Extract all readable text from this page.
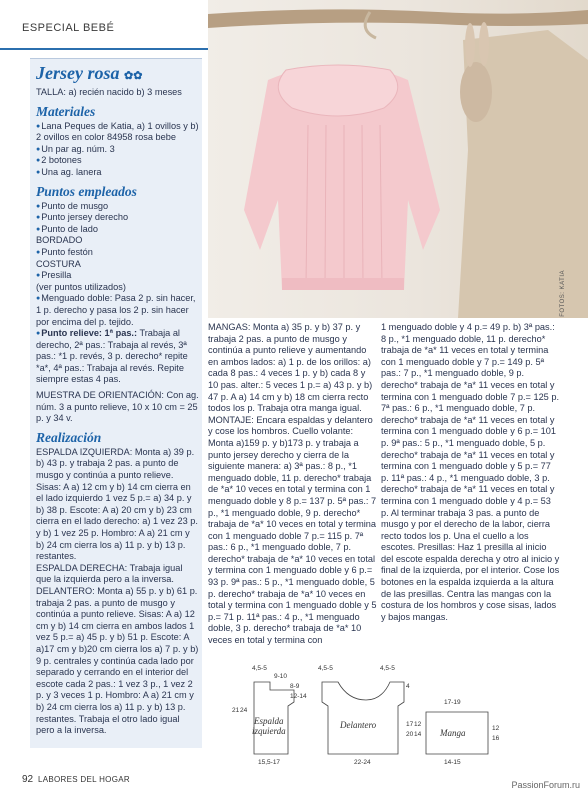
ESPECIAL BEBÉ
FOTOS: KATIA
Jersey rosa ✿✿

TALLA: a) recién nacido b) 3 meses

Materiales

● Lana Peques de Katia, a) 1 ovillos y b) 2 ovillos en color 84958 rosa bebe

● Un par ag. núm. 3

● 2 botones

● Una ag. lanera

Puntos empleados

● Punto de musgo

● Punto jersey derecho

● Punto de lado

BORDADO

● Punto festón

COSTURA

● Presilla

(ver puntos utilizados)

● Menguado doble: Pasa 2 p. sin hacer, 1 p. derecho y pasa los 2 p. sin hacer por encima del p. tejido.

● Punto relieve: 1ª pas.: Trabaja al derecho, 2ª pas.: Trabaja al revés, 3ª pas.: *1 p. revés, 3 p. derecho* repite *a*, 4ª pas.: Trabaja al revés. Repite siempre estas 4 pas.

MUESTRA DE ORIENTACIÓN: Con ag. núm. 3 a punto relieve, 10 x 10 cm = 25 p. y 34 v.

Realización

ESPALDA IZQUIERDA: Monta a) 39 p. b) 43 p. y trabaja 2 pas. a punto de musgo y continúa a punto relieve. Sisas: A a) 12 cm y b) 14 cm cierra en el lado izquierdo 1 vez 5 p.= a) 34 p. y b) 38 p. Escote: A a) 20 cm y b) 23 cm cierra en el lado derecho: a) 1 vez 23 p. y b) 1 vez 25 p. Hombro: A a) 21 cm y b) 24 cm cierra los a) 11 p. y b) 13 p. restantes.

ESPALDA DERECHA: Trabaja igual que la izquierda pero a la inversa.

DELANTERO: Monta a) 55 p. y b) 61 p. trabaja 2 pas. a punto de musgo y continúa a punto relieve. Sisas: A a) 12 cm y b) 14 cm cierra en ambos lados 1 vez 5 p.= a) 45 p. y b) 51 p. Escote: A a)17 cm y b)20 cm cierra los a) 7 p. y b) 9 p. centrales y continúa cada lado por separado y cerrando en el interior del escote cada 2 pas.: 1 vez 3 p., 1 vez 2 p. y 3 veces 1 p. Hombro: A a) 21 cm y b) 24 cm cierra los a) 11 p. y b) 13 p. restantes. Trabaja el otro lado igual pero a la inversa.

MANGAS: Monta a) 35 p. y b) 37 p. y trabaja 2 pas. a punto de musgo y continúa a punto relieve y aumentando en ambos lados: a) 1 p. de los orillos: a) cada 8 pas.: 4 veces 1 p. y b) cada 8 y 10 pas. alter.: 5 veces 1 p.= a) 43 p. y b) 47 p. A a) 14 cm y b) 18 cm cierra recto todos los p. Trabaja otra manga igual. MONTAJE: Encara espaldas y delantero y cose los hombros. Cuello volante: Monta a)159 p. y b)173 p. y trabaja a punto jersey derecho y cierra de la siguiente manera: a) 3ª pas.: 8 p., *1 menguado doble, 11 p. derecho* trabaja de *a* 10 veces en total y termina con 1 menguado doble y 8 p.= 137 p. 5ª pas.: 7 p., *1 menguado doble, 9 p. derecho* trabaja de *a* 10 veces en total y termina con 1 menguado doble 7 p.= 115 p. 7ª pas.: 6 p., *1 menguado doble, 7 p. derecho* trabaja de *a* 10 veces en total y termina con 1 menguado doble y 6 p.= 93 p. 9ª pas.: 5 p., *1 menguado doble, 5 p. derecho* trabaja de *a* 10 veces en total y termina con 1 menguado doble y 5 p.= 71 p. 11ª pas.: 4 p., *1 menguado doble, 3 p. derecho* trabaja de *a* 10 veces en total y termina con

1 menguado doble y 4 p.= 49 p. b) 3ª pas.: 8 p., *1 menguado doble, 11 p. derecho* trabaja de *a* 11 veces en total y termina con 1 menguado doble y 7 p.= 149 p. 5ª pas.: 7 p., *1 menguado doble, 9 p. derecho* trabaja de *a* 11 veces en total y termina con 1 menguado doble 7 p.= 125 p. 7ª pas.: 6 p., *1 menguado doble, 7 p. derecho* trabaja de *a* 11 veces en total y termina con 1 menguado doble y 6 p.= 101 p. 9ª pas.: 5 p., *1 menguado doble, 5 p. derecho* trabaja de *a* 11 veces en total y termina con 1 menguado doble y 5 p.= 77 p. 11ª pas.: 4 p., *1 menguado doble, 3 p. derecho* trabaja de *a* 11 veces en total y termina con 1 menguado doble y 4 p.= 53 p. Al terminar trabaja 3 pas. a punto de musgo y por el derecho de la labor, cierra recto todos los p. Una el cuello a los escotes. Presillas: Haz 1 presilla al inicio del escote espalda derecha y otro al inicio y final de la izquierda, por el interior. Cose los botones en la espalda izquierda a la altura de las presillas. Centra las mangas con la costura de los hombros y cose sisas, lados y bajos mangas.

Espalda
izquierda
Delantero
Manga
4,5-5
9-10
21 24
8-9
12-14
15,5-17
4,5-5	4,5-5
4
17
20
12
14
22-24
17-19
12
16
14-15
92 LABORES DEL HOGAR
PassionForum.ru
